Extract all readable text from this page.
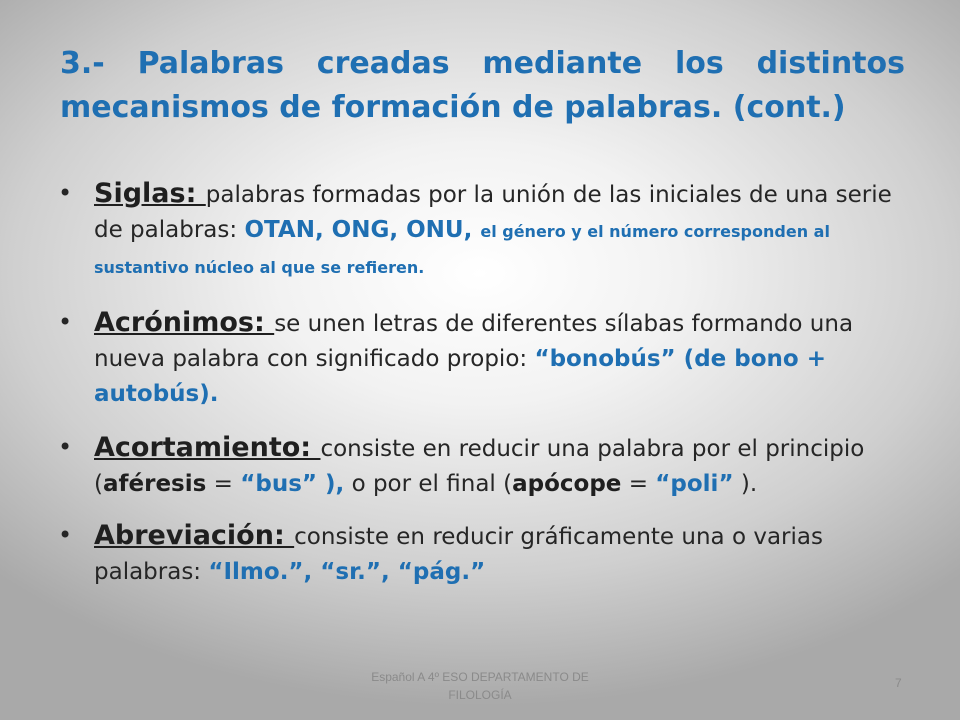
3.- Palabras creadas mediante los distintos mecanismos de formación de palabras. (cont.)
• Siglas: palabras formadas por la unión de las iniciales de una serie de palabras: OTAN, ONG, ONU, el género y el número corresponden al sustantivo núcleo al que se refieren.
• Acrónimos: se unen letras de diferentes sílabas formando una nueva palabra con significado propio: “bonobús” (de bono + autobús).
• Acortamiento: consiste en reducir una palabra por el principio (aféresis = “bus” ), o por el final (apócope = “poli” ).
• Abreviación: consiste en reducir gráficamente una o varias palabras: “Ilmo.”, “sr.”, “pág.”
Español A 4º ESO DEPARTAMENTO DE FILOLOGÍA
7
